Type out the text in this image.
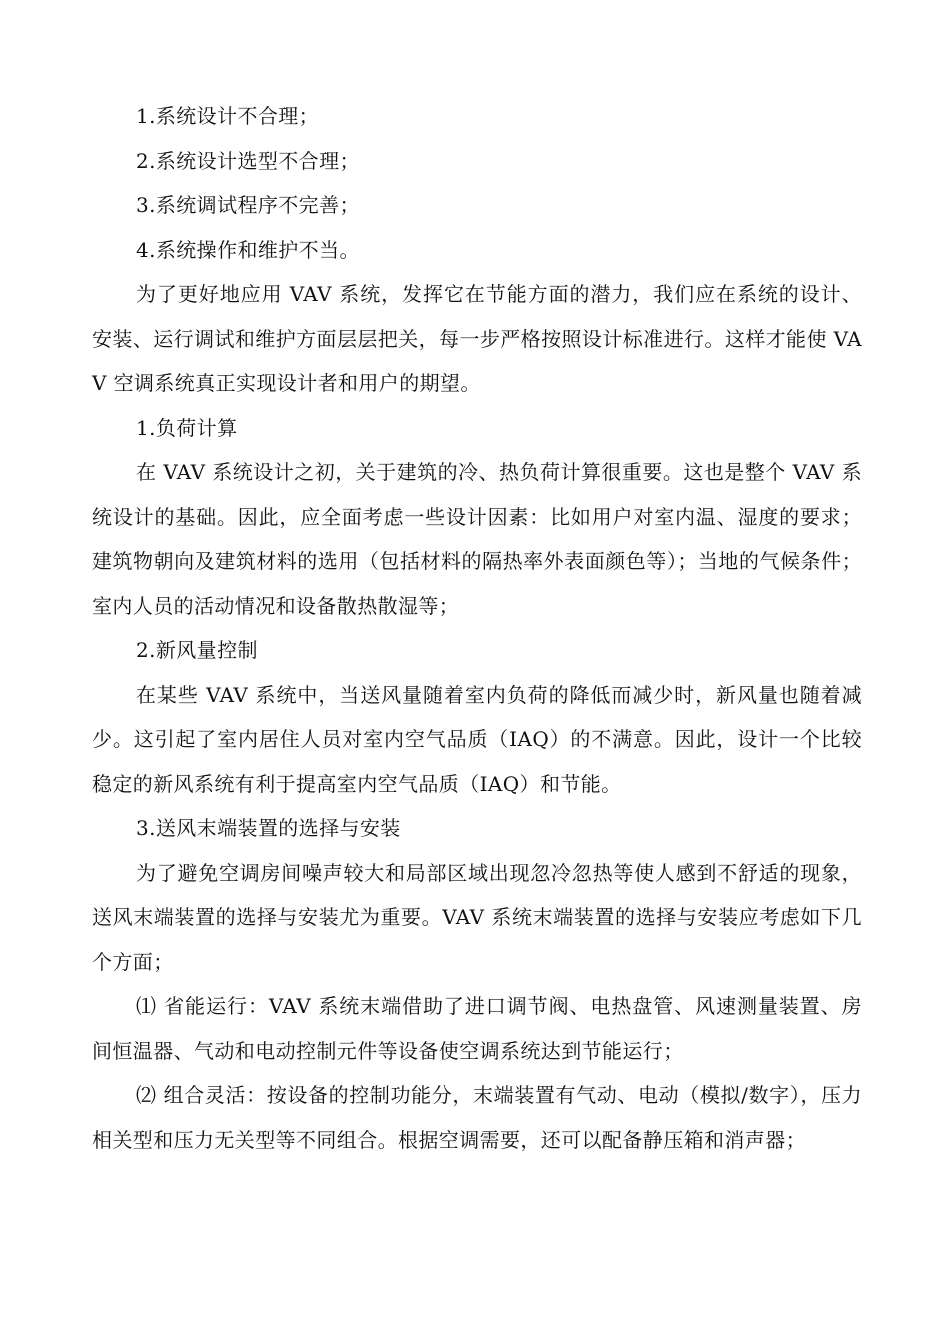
1.系统设计不合理；

2.系统设计选型不合理；

3.系统调试程序不完善；

4.系统操作和维护不当。

为了更好地应用 VAV 系统，发挥它在节能方面的潜力，我们应在系统的设计、安装、运行调试和维护方面层层把关，每一步严格按照设计标准进行。这样才能使 VAV 空调系统真正实现设计者和用户的期望。

1.负荷计算

在 VAV 系统设计之初，关于建筑的冷、热负荷计算很重要。这也是整个 VAV 系统设计的基础。因此，应全面考虑一些设计因素：比如用户对室内温、湿度的要求；建筑物朝向及建筑材料的选用（包括材料的隔热率外表面颜色等）；当地的气候条件；室内人员的活动情况和设备散热散湿等；

2.新风量控制

在某些 VAV 系统中，当送风量随着室内负荷的降低而减少时，新风量也随着减少。这引起了室内居住人员对室内空气品质（IAQ）的不满意。因此，设计一个比较稳定的新风系统有利于提高室内空气品质（IAQ）和节能。

3.送风末端装置的选择与安装

为了避免空调房间噪声较大和局部区域出现忽冷忽热等使人感到不舒适的现象，送风末端装置的选择与安装尤为重要。VAV 系统末端装置的选择与安装应考虑如下几个方面；

⑴ 省能运行：VAV 系统末端借助了进口调节阀、电热盘管、风速测量装置、房间恒温器、气动和电动控制元件等设备使空调系统达到节能运行；

⑵ 组合灵活：按设备的控制功能分，末端装置有气动、电动（模拟/数字），压力相关型和压力无关型等不同组合。根据空调需要，还可以配备静压箱和消声器；
